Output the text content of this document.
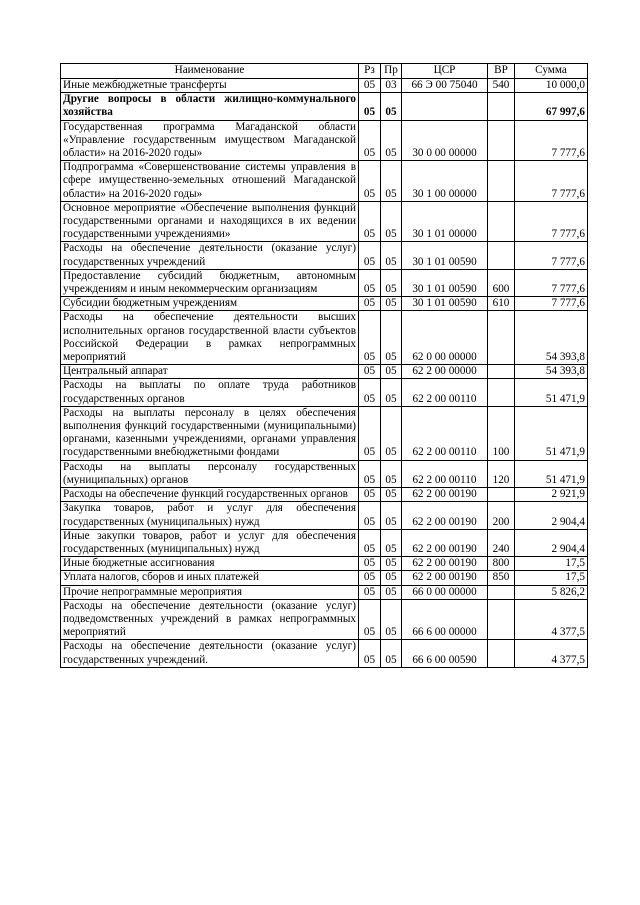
Наименование	Рз	Пр	ЦСР	ВР	Сумма
Иные межбюджетные трансферты	05	03	66 Э 00 75040	540	10 000,0
Другие вопросы в области жилищно-коммунального хозяйства	05	05			67 997,6
Государственная программа Магаданской области «Управление государственным имуществом Магаданской области» на 2016-2020 годы»	05	05	30 0 00 00000		7 777,6
Подпрограмма «Совершенствование системы управления в сфере имущественно-земельных отношений Магаданской области» на 2016-2020 годы»	05	05	30 1 00 00000		7 777,6
Основное мероприятие «Обеспечение выполнения функций государственными органами и находящихся в их ведении государственными учреждениями»	05	05	30 1 01 00000		7 777,6
Расходы на обеспечение деятельности (оказание услуг) государственных учреждений	05	05	30 1 01 00590		7 777,6
Предоставление субсидий бюджетным, автономным учреждениям и иным некоммерческим организациям	05	05	30 1 01 00590	600	7 777,6
Субсидии бюджетным учреждениям	05	05	30 1 01 00590	610	7 777,6
Расходы на обеспечение деятельности высших исполнительных органов государственной власти субъектов Российской Федерации в рамках непрограммных мероприятий	05	05	62 0 00 00000		54 393,8
Центральный аппарат	05	05	62 2 00 00000		54 393,8
Расходы на выплаты по оплате труда работников государственных органов	05	05	62 2 00 00110		51 471,9
Расходы на выплаты персоналу в целях обеспечения выполнения функций государственными (муниципальными) органами, казенными учреждениями, органами управления государственными внебюджетными фондами	05	05	62 2 00 00110	100	51 471,9
Расходы на выплаты персоналу государственных (муниципальных) органов	05	05	62 2 00 00110	120	51 471,9
Расходы на обеспечение функций государственных органов	05	05	62 2 00 00190		2 921,9
Закупка товаров, работ и услуг для обеспечения государственных (муниципальных) нужд	05	05	62 2 00 00190	200	2 904,4
Иные закупки товаров, работ и услуг для обеспечения государственных (муниципальных) нужд	05	05	62 2 00 00190	240	2 904,4
Иные бюджетные ассигнования	05	05	62 2 00 00190	800	17,5
Уплата налогов, сборов и иных платежей	05	05	62 2 00 00190	850	17,5
Прочие непрограммные мероприятия	05	05	66 0 00 00000		5 826,2
Расходы на обеспечение деятельности (оказание услуг) подведомственных учреждений в рамках непрограммных мероприятий	05	05	66 6 00 00000		4 377,5
Расходы на обеспечение деятельности (оказание услуг) государственных учреждений.	05	05	66 6 00 00590		4 377,5
